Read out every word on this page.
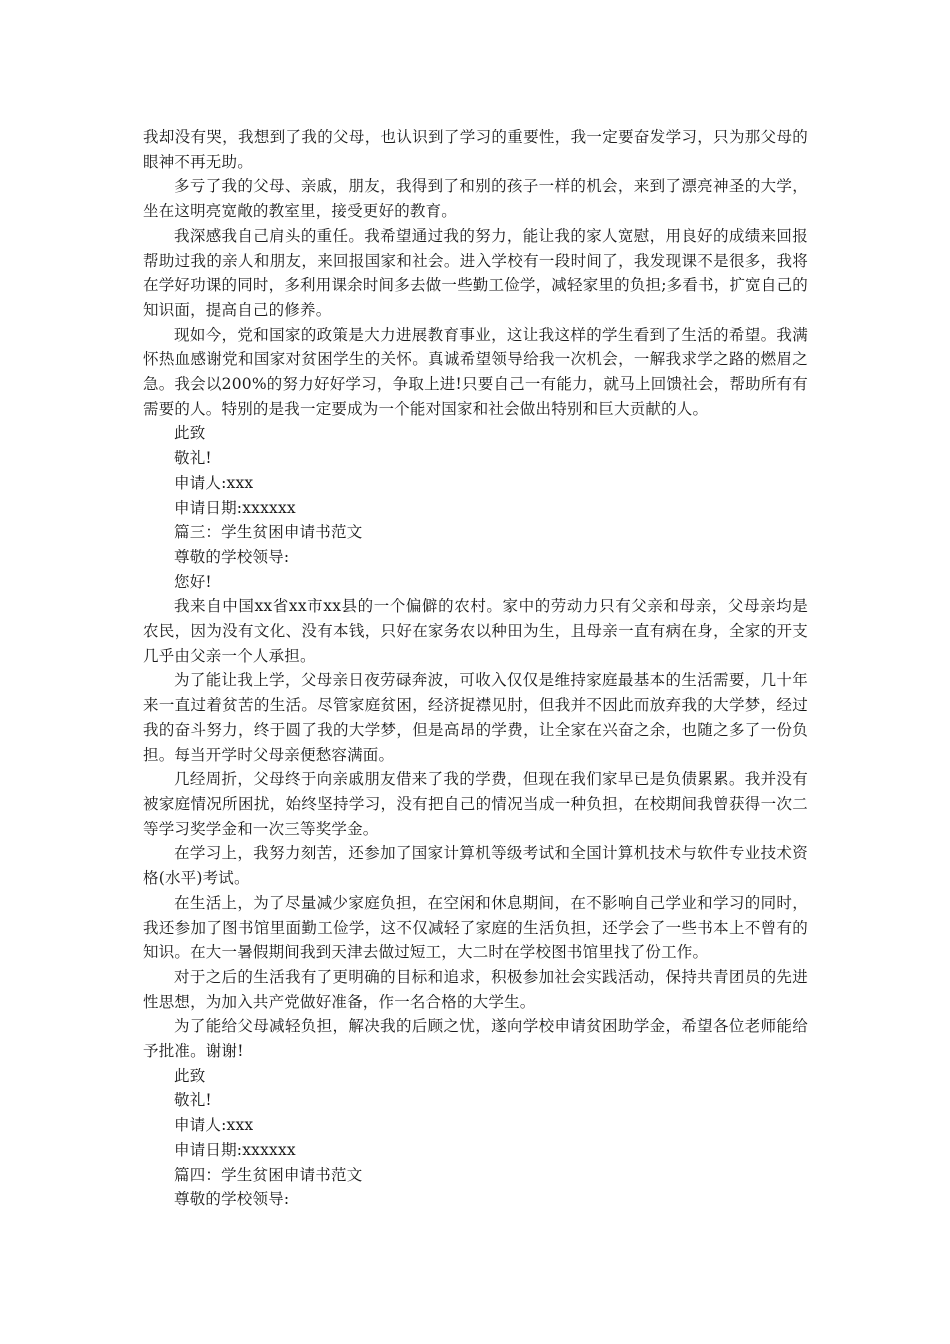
我却没有哭，我想到了我的父母，也认识到了学习的重要性，我一定要奋发学习，只为那父母的眼神不再无助。

多亏了我的父母、亲戚，朋友，我得到了和别的孩子一样的机会，来到了漂亮神圣的大学，坐在这明亮宽敞的教室里，接受更好的教育。

我深感我自己肩头的重任。我希望通过我的努力，能让我的家人宽慰，用良好的成绩来回报帮助过我的亲人和朋友，来回报国家和社会。进入学校有一段时间了，我发现课不是很多，我将在学好功课的同时，多利用课余时间多去做一些勤工俭学，减轻家里的负担;多看书，扩宽自己的知识面，提高自己的修养。

现如今，党和国家的政策是大力进展教育事业，这让我这样的学生看到了生活的希望。我满怀热血感谢党和国家对贫困学生的关怀。真诚希望领导给我一次机会，一解我求学之路的燃眉之急。我会以200%的努力好好学习，争取上进!只要自己一有能力，就马上回馈社会，帮助所有有需要的人。特别的是我一定要成为一个能对国家和社会做出特别和巨大贡献的人。

此致

敬礼!

申请人:xxx

申请日期:xxxxxx

篇三：学生贫困申请书范文

尊敬的学校领导:

您好!

我来自中国xx省xx市xx县的一个偏僻的农村。家中的劳动力只有父亲和母亲，父母亲均是农民，因为没有文化、没有本钱，只好在家务农以种田为生，且母亲一直有病在身，全家的开支几乎由父亲一个人承担。

为了能让我上学，父母亲日夜劳碌奔波，可收入仅仅是维持家庭最基本的生活需要，几十年来一直过着贫苦的生活。尽管家庭贫困，经济捉襟见肘，但我并不因此而放弃我的大学梦，经过我的奋斗努力，终于圆了我的大学梦，但是高昂的学费，让全家在兴奋之余，也随之多了一份负担。每当开学时父母亲便愁容满面。

几经周折，父母终于向亲戚朋友借来了我的学费，但现在我们家早已是负债累累。我并没有被家庭情况所困扰，始终坚持学习，没有把自己的情况当成一种负担，在校期间我曾获得一次二等学习奖学金和一次三等奖学金。

在学习上，我努力刻苦，还参加了国家计算机等级考试和全国计算机技术与软件专业技术资格(水平)考试。

在生活上，为了尽量减少家庭负担，在空闲和休息期间，在不影响自己学业和学习的同时，我还参加了图书馆里面勤工俭学，这不仅减轻了家庭的生活负担，还学会了一些书本上不曾有的知识。在大一暑假期间我到天津去做过短工，大二时在学校图书馆里找了份工作。

对于之后的生活我有了更明确的目标和追求，积极参加社会实践活动，保持共青团员的先进性思想，为加入共产党做好准备，作一名合格的大学生。

为了能给父母减轻负担，解决我的后顾之忧，遂向学校申请贫困助学金，希望各位老师能给予批准。谢谢!

此致

敬礼!

申请人:xxx

申请日期:xxxxxx

篇四：学生贫困申请书范文

尊敬的学校领导:
